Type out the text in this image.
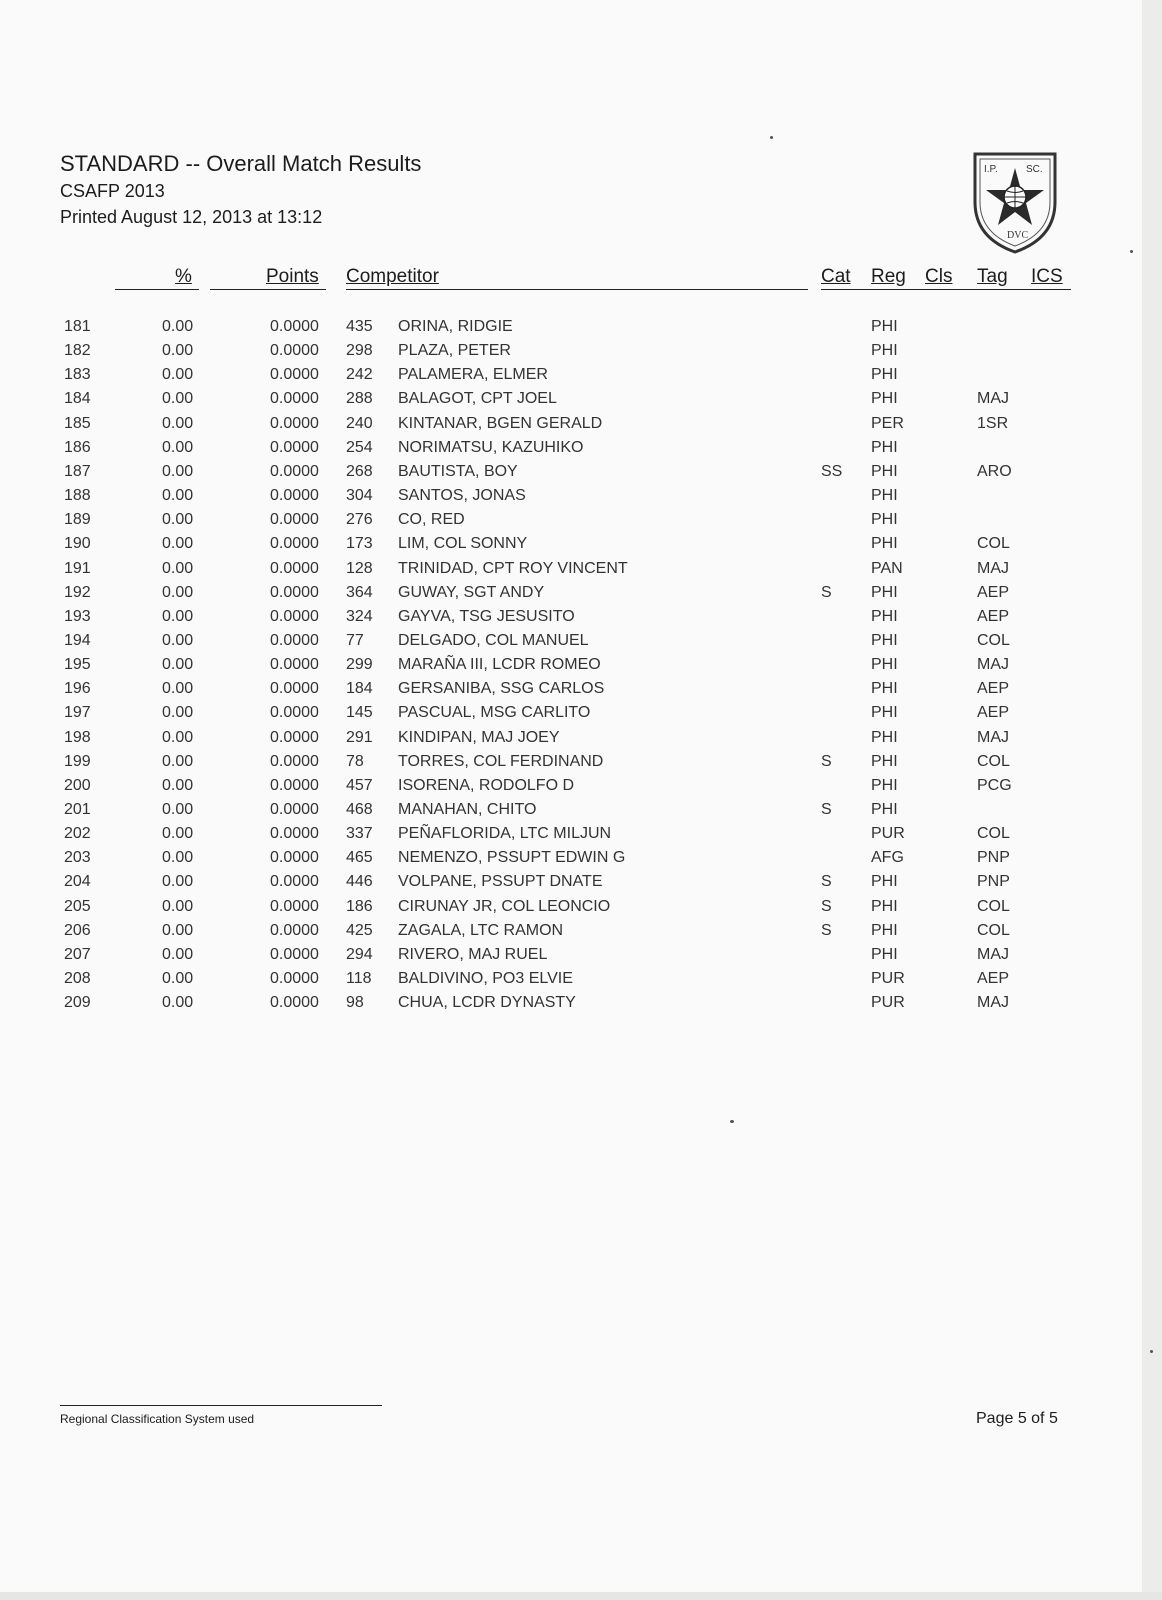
STANDARD -- Overall Match Results

CSAFP 2013

Printed August 12, 2013 at 13:12

I.P.	SC.
DVC
%	Points Competitor	Cat Reg Cls Tag ICS
181	0.00	0.0000 435 ORINA, RIDGIE	PHI
182	0.00	0.0000 298 PLAZA, PETER	PHI
183	0.00	0.0000 242 PALAMERA, ELMER	PHI
184	0.00	0.0000 288 BALAGOT, CPT JOEL	PHI	MAJ
185	0.00	0.0000 240 KINTANAR, BGEN GERALD	PER	1SR
186	0.00	0.0000 254 NORIMATSU, KAZUHIKO	PHI
187	0.00	0.0000 268 BAUTISTA, BOY	SS PHI	ARO
188	0.00	0.0000 304 SANTOS, JONAS	PHI
189	0.00	0.0000 276 CO, RED	PHI
190	0.00	0.0000 173 LIM, COL SONNY	PHI	COL
191	0.00	0.0000 128 TRINIDAD, CPT ROY VINCENT	PAN	MAJ
192	0.00	0.0000 364 GUWAY, SGT ANDY	S PHI	AEP
193	0.00	0.0000 324 GAYVA, TSG JESUSITO	PHI	AEP
194	0.00	0.0000 77 DELGADO, COL MANUEL	PHI	COL
195	0.00	0.0000 299 MARAÑA III, LCDR ROMEO	PHI	MAJ
196	0.00	0.0000 184 GERSANIBA, SSG CARLOS	PHI	AEP
197	0.00	0.0000 145 PASCUAL, MSG CARLITO	PHI	AEP
198	0.00	0.0000 291 KINDIPAN, MAJ JOEY	PHI	MAJ
199	0.00	0.0000 78 TORRES, COL FERDINAND	S PHI	COL
200	0.00	0.0000 457 ISORENA, RODOLFO D	PHI	PCG
201	0.00	0.0000 468 MANAHAN, CHITO	S PHI
202	0.00	0.0000 337 PEÑAFLORIDA, LTC MILJUN	PUR	COL
203	0.00	0.0000 465 NEMENZO, PSSUPT EDWIN G	AFG	PNP
204	0.00	0.0000 446 VOLPANE, PSSUPT DNATE	S PHI	PNP
205	0.00	0.0000 186 CIRUNAY JR, COL LEONCIO	S PHI	COL
206	0.00	0.0000 425 ZAGALA, LTC RAMON	S PHI	COL
207	0.00	0.0000 294 RIVERO, MAJ RUEL	PHI	MAJ
208	0.00	0.0000 118 BALDIVINO, PO3 ELVIE	PUR	AEP
209	0.00	0.0000 98 CHUA, LCDR DYNASTY	PUR	MAJ
Regional Classification System used	Page 5 of 5
